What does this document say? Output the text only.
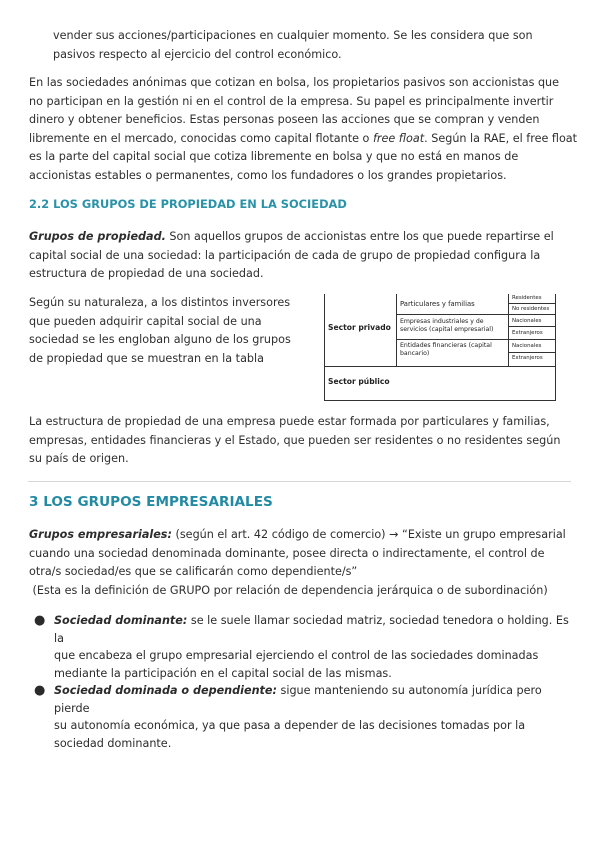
vender sus acciones/participaciones en cualquier momento. Se les considera que son
pasivos respecto al ejercicio del control económico.
En las sociedades anónimas que cotizan en bolsa, los propietarios pasivos son accionistas que
no participan en la gestión ni en el control de la empresa. Su papel es principalmente invertir
dinero y obtener beneficios. Estas personas poseen las acciones que se compran y venden
libremente en el mercado, conocidas como capital flotante o free float. Según la RAE, el free float
es la parte del capital social que cotiza libremente en bolsa y que no está en manos de
accionistas estables o permanentes, como los fundadores o los grandes propietarios.
2.2 LOS GRUPOS DE PROPIEDAD EN LA SOCIEDAD
Grupos de propiedad. Son aquellos grupos de accionistas entre los que puede repartirse el
capital social de una sociedad: la participación de cada de grupo de propiedad configura la
estructura de propiedad de una sociedad.
Según su naturaleza, a los distintos inversores
que pueden adquirir capital social de una
sociedad se les engloban alguno de los grupos
de propiedad que se muestran en la tabla
Sector privado
Sector público
Particulares y familias
Empresas industriales y de servicios (capital empresarial)
Entidades financieras (capital bancario)
Residentes
No residentes
Nacionales
Extranjeros
Nacionales
Extranjeros
La estructura de propiedad de una empresa puede estar formada por particulares y familias,
empresas, entidades financieras y el Estado, que pueden ser residentes o no residentes según
su país de origen.
3 LOS GRUPOS EMPRESARIALES
Grupos empresariales: (según el art. 42 código de comercio) → “Existe un grupo empresarial
cuando una sociedad denominada dominante, posee directa o indirectamente, el control de
otra/s sociedad/es que se calificarán como dependiente/s”
(Esta es la definición de GRUPO por relación de dependencia jerárquica o de subordinación)
● Sociedad dominante: se le suele llamar sociedad matriz, sociedad tenedora o holding. Es la
que encabeza el grupo empresarial ejerciendo el control de las sociedades dominadas
mediante la participación en el capital social de las mismas.
● Sociedad dominada o dependiente: sigue manteniendo su autonomía jurídica pero pierde
su autonomía económica, ya que pasa a depender de las decisiones tomadas por la
sociedad dominante.
